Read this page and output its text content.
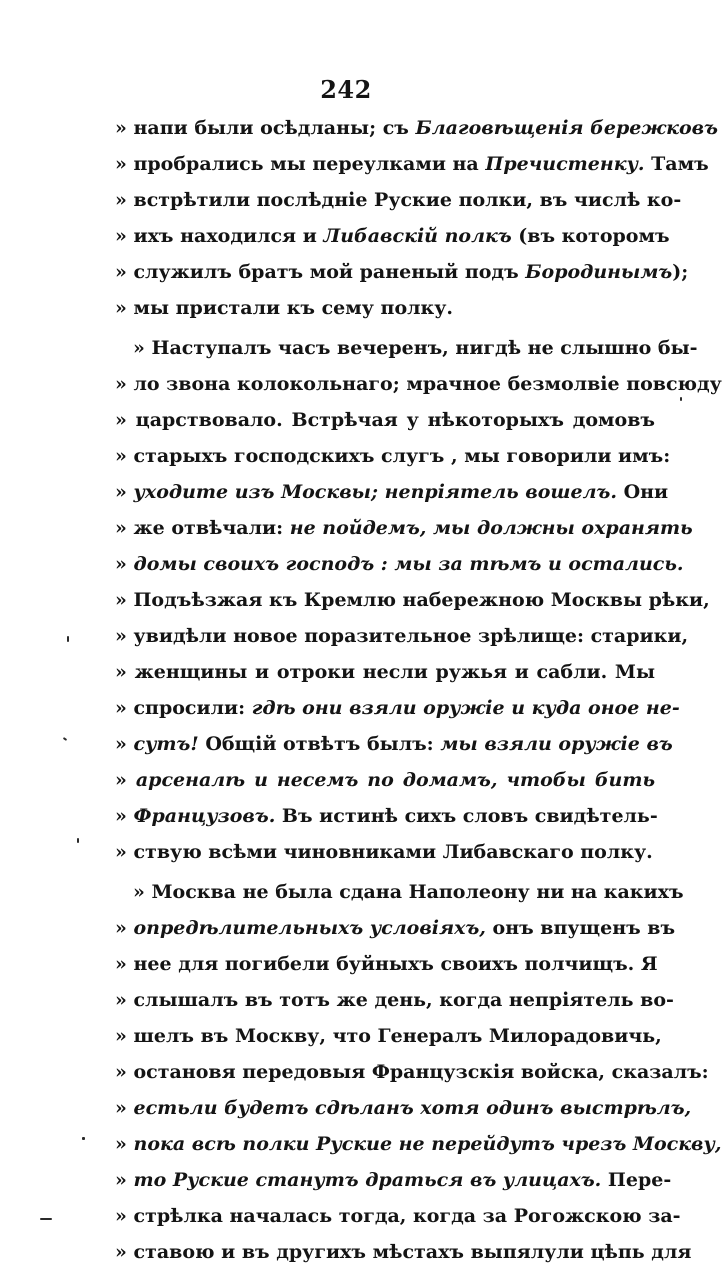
242
» напи были осѣдланы; съ Благовѣщенія бережковъ
» пробрались мы переулками на Пречистенку. Тамъ
» встрѣтили послѣдніе Руские полки, въ числѣ ко-
» ихъ находился и Либавскій полкъ (въ которомъ
» служилъ братъ мой раненый подъ Бородинымъ);
» мы пристали къ сему полку.
» Наступалъ часъ вечеренъ, нигдѣ не слышно бы-
» ло звона колокольнаго; мрачное безмолвіе повсюду
» царствовало. Встрѣчая у нѣкоторыхъ домовъ
» старыхъ господскихъ слугъ , мы говорили имъ:
» уходите изъ Москвы; непріятель вошелъ. Они
» же отвѣчали: не пойдемъ, мы должны охранять
» домы своихъ господъ : мы за тѣмъ и остались.
» Подъѣзжая къ Кремлю набережною Москвы рѣки,
» увидѣли новое поразительное зрѣлище: старики,
» женщины и отроки несли ружья и сабли. Мы
» спросили: гдѣ они взяли оружіе и куда оное не-
» сутъ! Общій отвѣтъ былъ: мы взяли оружіе въ
» арсеналѣ и несемъ по домамъ, чтобы бить
» Французовъ. Въ истинѣ сихъ словъ свидѣтель-
» ствую всѣми чиновниками Либавскаго полку.
» Москва не была сдана Наполеону ни на какихъ
» опредѣлительныхъ условіяхъ, онъ впущенъ въ
» нее для погибели буйныхъ своихъ полчищъ. Я
» слышалъ въ тотъ же день, когда непріятель во-
» шелъ въ Москву, что Генералъ Милорадовичь,
» остановя передовыя Французскія войска, сказалъ:
» естьли будетъ сдѣланъ хотя одинъ выстрѣлъ,
» пока всѣ полки Руские не перейдутъ чрезъ Москву,
» то Руские станутъ драться въ улицахъ. Пере-
» стрѣлка началась тогда, когда за Рогожскою за-
» ставою и въ другихъ мѣстахъ выпялули цѣпь для
